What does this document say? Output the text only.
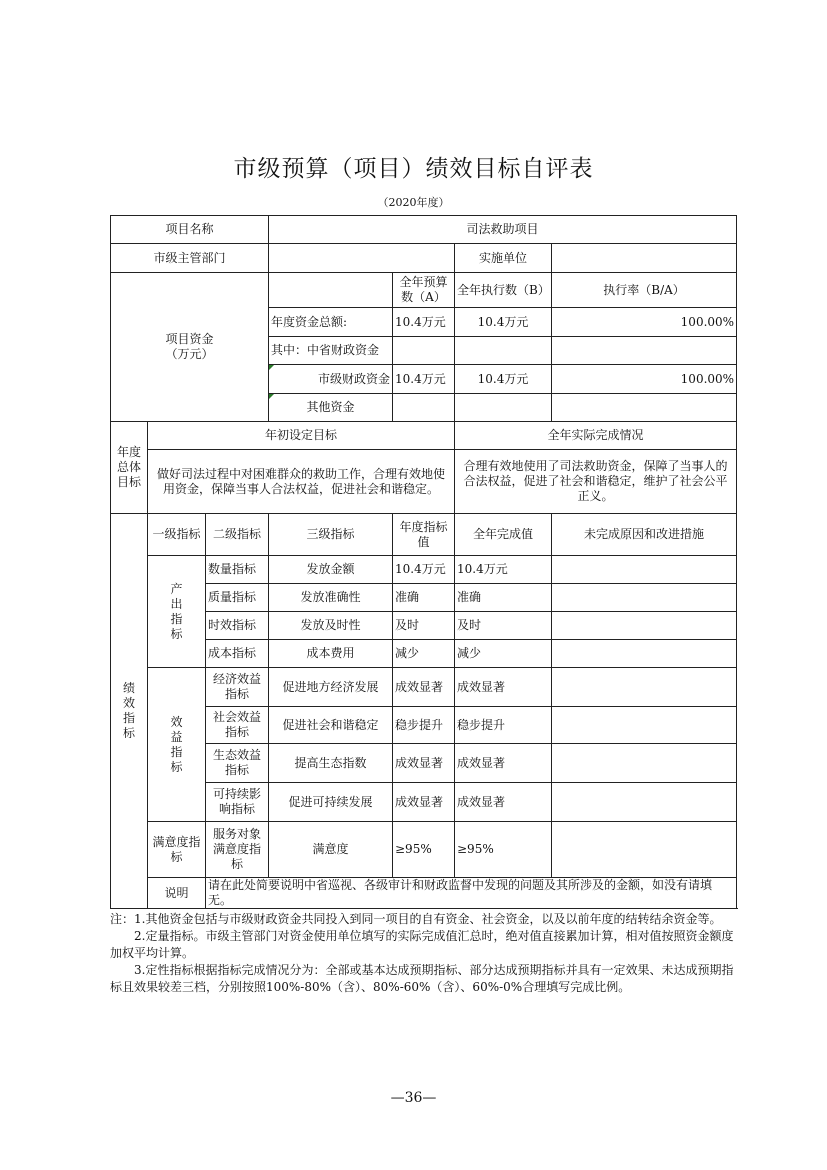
市级预算（项目）绩效目标自评表
（2020年度）
项目名称			司法救助项目			
市级主管部门					实施单位	
项目资金（万元）				全年预算数（A）	全年执行数（B）	执行率（B/A）
			年度资金总额:	10.4万元	10.4万元	100.00%
			其中：中省财政资金			
			市级财政资金	10.4万元	10.4万元	100.00%
			其他资金			
年度总体目标	年初设定目标				全年实际完成情况	
	做好司法过程中对困难群众的救助工作，合理有效地使用资金，保障当事人合法权益，促进社会和谐稳定。				合理有效地使用了司法救助资金，保障了当事人的合法权益，促进了社会和谐稳定，维护了社会公平正义。	
绩效指标	一级指标	二级指标	三级指标	年度指标值	全年完成值	未完成原因和改进措施
	产出指标	数量指标	发放金额	10.4万元	10.4万元	
		质量指标	发放准确性	准确	准确	
		时效指标	发放及时性	及时	及时	
		成本指标	成本费用	减少	减少	
	效益指标	经济效益指标	促进地方经济发展	成效显著	成效显著	
		社会效益指标	促进社会和谐稳定	稳步提升	稳步提升	
		生态效益指标	提高生态指数	成效显著	成效显著	
		可持续影响指标	促进可持续发展	成效显著	成效显著	
	满意度指标	服务对象满意度指标	满意度	≥95%	≥95%	
	说明	请在此处简要说明中省巡视、各级审计和财政监督中发现的问题及其所涉及的金额，如没有请填无。				

注：1.其他资金包括与市级财政资金共同投入到同一项目的自有资金、社会资金，以及以前年度的结转结余资金等。

2.定量指标。市级主管部门对资金使用单位填写的实际完成值汇总时，绝对值直接累加计算，相对值按照资金额度加权平均计算。

3.定性指标根据指标完成情况分为：全部或基本达成预期指标、部分达成预期指标并具有一定效果、未达成预期指标且效果较差三档，分别按照100%-80%（含）、80%-60%（含）、60%-0%合理填写完成比例。

—36—
